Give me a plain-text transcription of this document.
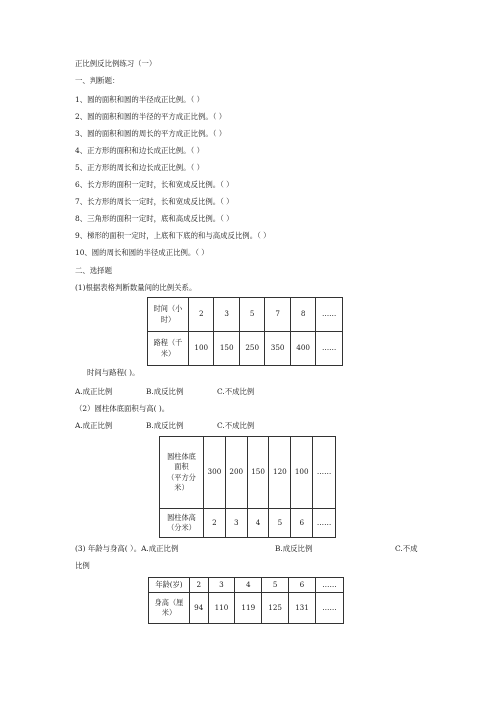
正比例反比例练习（一）
一、判断题：
1、圆的面积和圆的半径成正比例。（ ）
2、圆的面积和圆的半径的平方成正比例。（ ）
3、圆的面积和圆的周长的平方成正比例。（ ）
4、正方形的面积和边长成正比例。（ ）
5、正方形的周长和边长成正比例。（ ）
6、长方形的面积一定时，长和宽成反比例。（ ）
7、长方形的周长一定时，长和宽成反比例。（ ）
8、三角形的面积一定时，底和高成反比例。（ ）
9、梯形的面积一定时，上底和下底的和与高成反比例。（ ）
10、圆的周长和圆的半径成正比例。（ ）
二、选择题
(1)根据表格判断数量间的比例关系。
时间（小
时）	2	3	5	7	8	……

路程（千
米）	100	150	250	350	400	……
时间与路程( )。
A.成正比例	B.成反比例	C.不成比例
（2）圆柱体底面积与高( )。
A.成正比例	B.成反比例	C.不成比例
圆柱体底
面积
（平方分
米）	300	200	150	120	100	……

圆柱体高
（分米）	2	3	4	5	6	……
(3) 年龄与身高( ）。A.成正比例	B.成反比例	C.不成
比例
年龄(岁)	2	3	4	5	6	……

身高（厘
米）	94	110	119	125	131	……
